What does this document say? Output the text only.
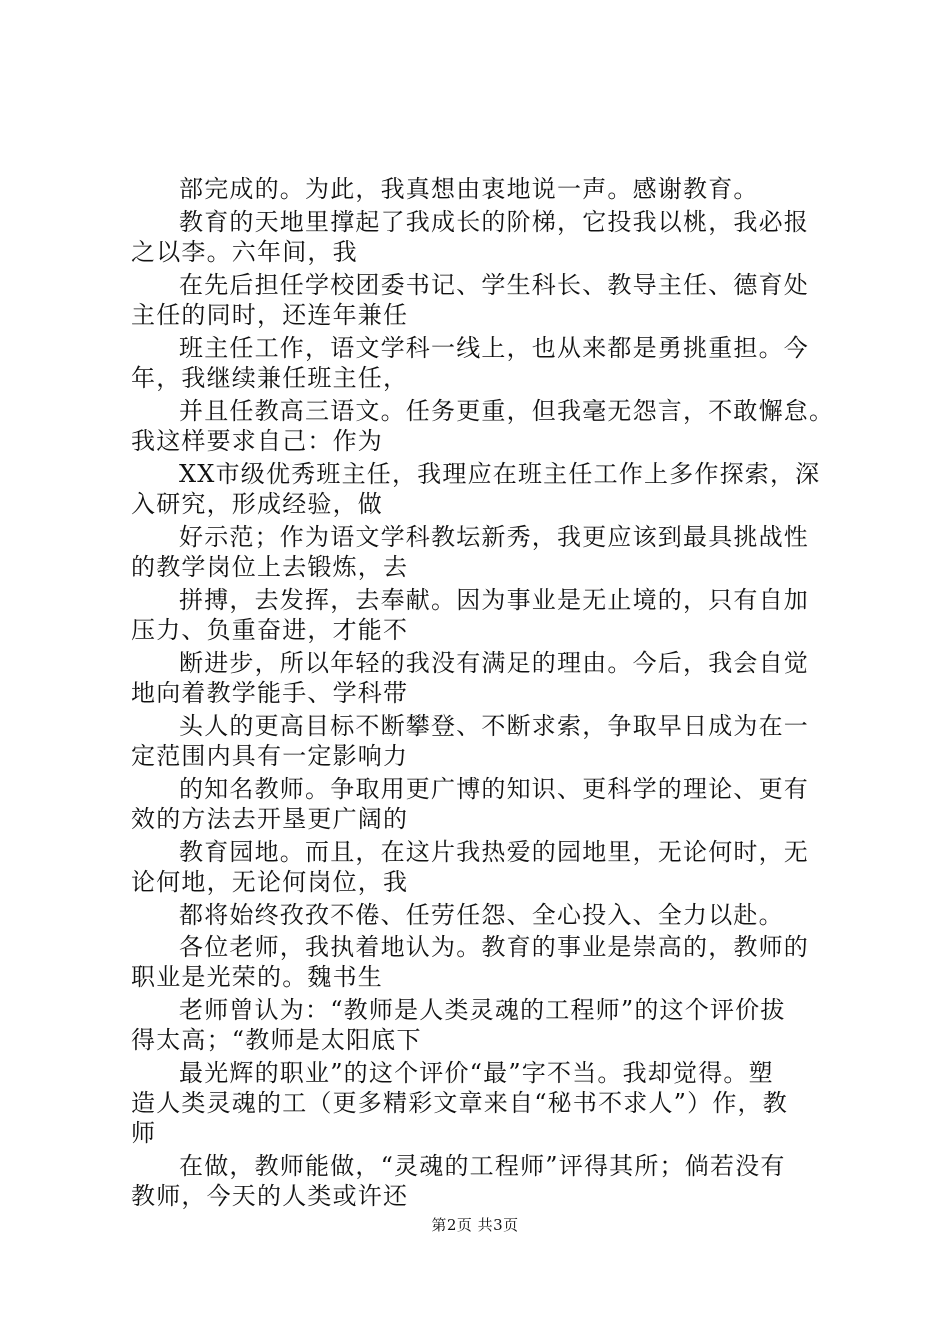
部完成的。为此，我真想由衷地说一声。感谢教育。
教育的天地里撑起了我成长的阶梯，它投我以桃，我必报
之以李。六年间，我
在先后担任学校团委书记、学生科长、教导主任、德育处
主任的同时，还连年兼任
班主任工作，语文学科一线上，也从来都是勇挑重担。今
年，我继续兼任班主任，
并且任教高三语文。任务更重，但我毫无怨言，不敢懈怠。
我这样要求自己：作为
XX市级优秀班主任，我理应在班主任工作上多作探索，深
入研究，形成经验，做
好示范；作为语文学科教坛新秀，我更应该到最具挑战性
的教学岗位上去锻炼，去
拼搏，去发挥，去奉献。因为事业是无止境的，只有自加
压力、负重奋进，才能不
断进步，所以年轻的我没有满足的理由。今后，我会自觉
地向着教学能手、学科带
头人的更高目标不断攀登、不断求索，争取早日成为在一
定范围内具有一定影响力
的知名教师。争取用更广博的知识、更科学的理论、更有
效的方法去开垦更广阔的
教育园地。而且，在这片我热爱的园地里，无论何时，无
论何地，无论何岗位，我
都将始终孜孜不倦、任劳任怨、全心投入、全力以赴。
各位老师，我执着地认为。教育的事业是崇高的，教师的
职业是光荣的。魏书生
老师曾认为：“教师是人类灵魂的工程师”的这个评价拔
得太高；“教师是太阳底下
最光辉的职业”的这个评价“最”字不当。我却觉得。塑
造人类灵魂的工（更多精彩文章来自“秘书不求人”）作，教
师
在做，教师能做，“灵魂的工程师”评得其所；倘若没有
教师，今天的人类或许还
第2页 共3页
